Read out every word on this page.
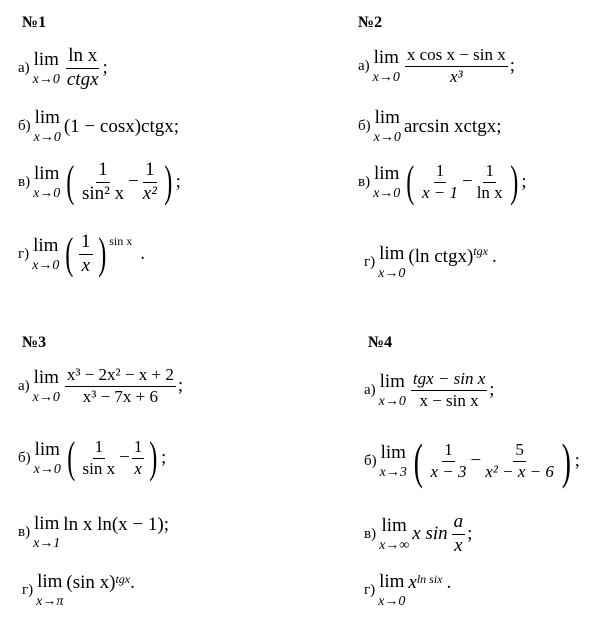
№1
а) lim
$x\to 0 \frac{\text{ln x}}{\text{ctgx}}$ ;
б) lim
x→0
(1 − cosx)ctgx ;
в) lim
x→0 ( $\frac{1}{\text{sin² x}} - \frac{1}{\text{x²}}$ ) ;
г) lim
x→0 ( $\frac{1}{x}$ ) $^{sin x}$
.
№2
а) lim
$x\to 0 \frac{\text{x cos x − sin x}}{\text{x³}}$ ;
б) lim
x→0
arcsin xctgx ;
в) lim
x→0 ( $\frac{1}{x - 1} - \frac{1}{\text{ln x}}$ ) ;
г) lim
x→0
(ln ctgx)$^{tgx}$ .
№3
а) lim
$x\to 0 \frac{\text{x³ − 2x² − x + 2}}{\text{x³ − 7x + 6}}$ ;
б) lim
x→0 ( $\frac{1}{\text{sin x}} - \frac{1}{x}$ ) ;
в) lim
x→1
ln x ln(x − 1) ;
г) lim
x→π
(sin x) tgx .
№4
а) lim
$x\to 0 \frac{\text{tgx − sin x}}{\text{x − sin x}}$ ;
б) lim
x→3 ( $\frac{1}{x - 3} - \frac{5}{\text{x² − x − 6}}$ ) ;
в) lim
x→∞
x $\sin \frac{a}{x}$ ;
г) lim
x→0
x ln six .
